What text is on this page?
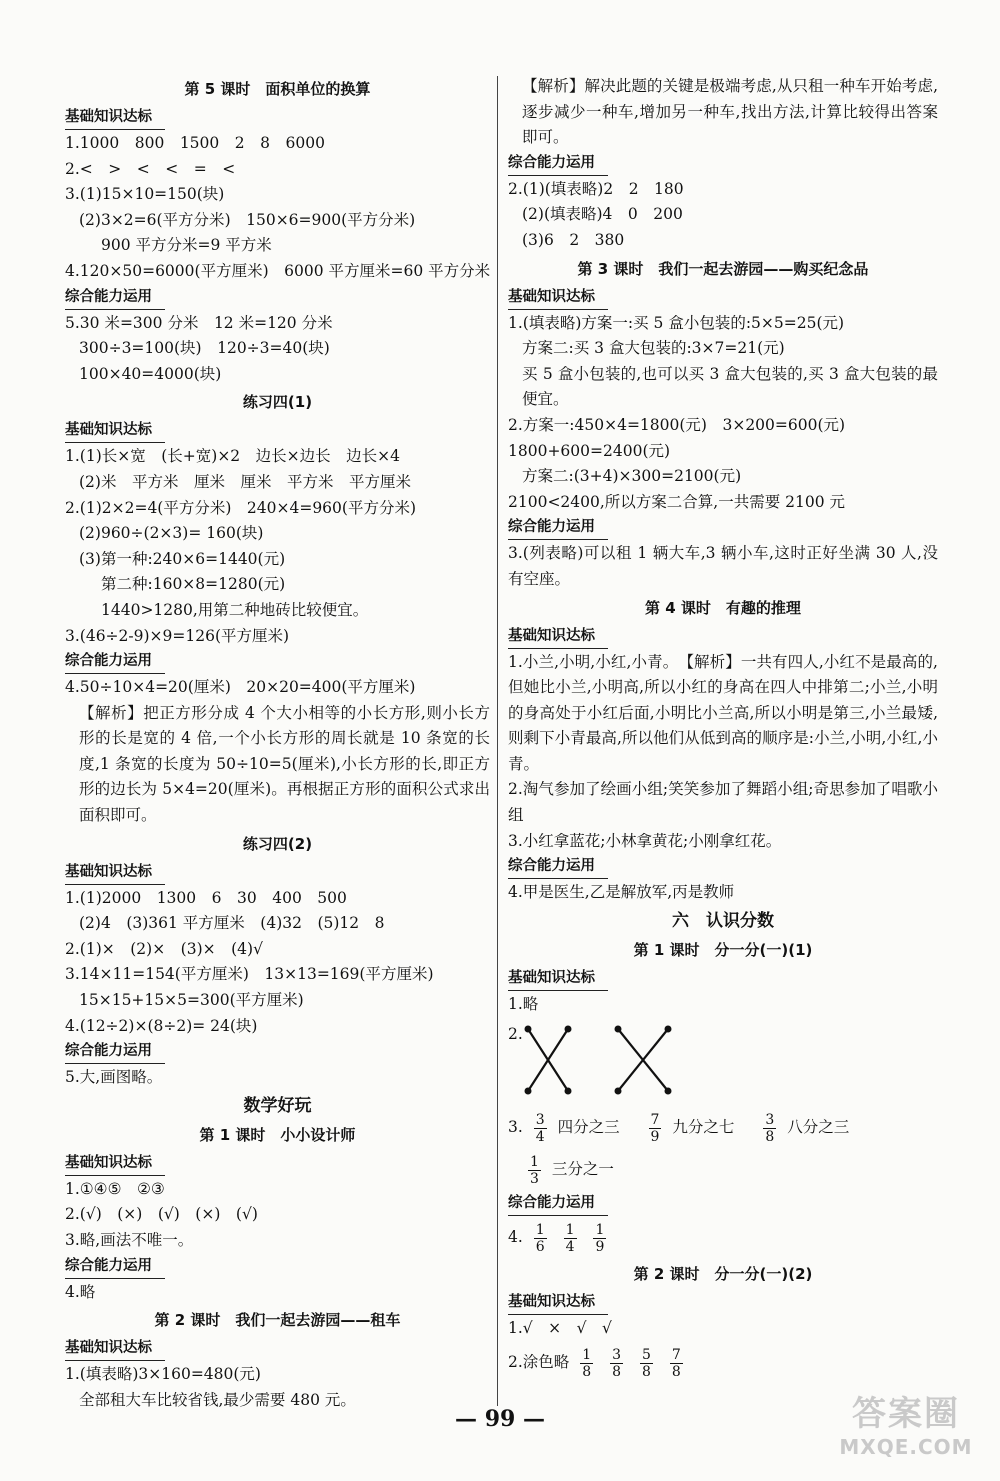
第 5 课时　面积单位的换算
基础知识达标
1.1000　800　1500　2　8　6000
2.<　>　<　<　=　<
3.(1)15×10=150(块)
(2)3×2=6(平方分米)　150×6=900(平方分米)
900 平方分米=9 平方米
4.120×50=6000(平方厘米)　6000 平方厘米=60 平方分米
综合能力运用
5.30 米=300 分米　12 米=120 分米
300÷3=100(块)　120÷3=40(块)
100×40=4000(块)
练习四(1)
基础知识达标
1.(1)长×宽　(长+宽)×2　边长×边长　边长×4
(2)米　平方米　厘米　厘米　平方米　平方厘米
2.(1)2×2=4(平方分米)　240×4=960(平方分米)
(2)960÷(2×3)= 160(块)
(3)第一种:240×6=1440(元)
第二种:160×8=1280(元)
1440>1280,用第二种地砖比较便宜。
3.(46÷2-9)×9=126(平方厘米)
综合能力运用
4.50÷10×4=20(厘米)　20×20=400(平方厘米)
【解析】把正方形分成 4 个大小相等的小长方形,则小长方形的长是宽的 4 倍,一个小长方形的周长就是 10 条宽的长度,1 条宽的长度为 50÷10=5(厘米),小长方形的长,即正方形的边长为 5×4=20(厘米)。再根据正方形的面积公式求出面积即可。
练习四(2)
基础知识达标
1.(1)2000　1300　6　30　400　500
(2)4　(3)361 平方厘米　(4)32　(5)12　8
2.(1)×　(2)×　(3)×　(4)√
3.14×11=154(平方厘米)　13×13=169(平方厘米)
15×15+15×5=300(平方厘米)
4.(12÷2)×(8÷2)= 24(块)
综合能力运用
5.大,画图略。
数学好玩
第 1 课时　小小设计师
基础知识达标
1.①④⑤　②③
2.(√)　(×)　(√)　(×)　(√)
3.略,画法不唯一。
综合能力运用
4.略
第 2 课时　我们一起去游园——租车
基础知识达标
1.(填表略)3×160=480(元)
全部租大车比较省钱,最少需要 480 元。
【解析】解决此题的关键是极端考虑,从只租一种车开始考虑,逐步减少一种车,增加另一种车,找出方法,计算比较得出答案即可。
综合能力运用
2.(1)(填表略)2　2　180
(2)(填表略)4　0　200
(3)6　2　380
第 3 课时　我们一起去游园——购买纪念品
基础知识达标
1.(填表略)方案一:买 5 盒小包装的:5×5=25(元)
方案二:买 3 盒大包装的:3×7=21(元)
买 5 盒小包装的,也可以买 3 盒大包装的,买 3 盒大包装的最便宜。
2.方案一:450×4=1800(元)　3×200=600(元)
1800+600=2400(元)
方案二:(3+4)×300=2100(元)
2100<2400,所以方案二合算,一共需要 2100 元
综合能力运用
3.(列表略)可以租 1 辆大车,3 辆小车,这时正好坐满 30 人,没有空座。
第 4 课时　有趣的推理
基础知识达标
1.小兰,小明,小红,小青。　【解析】一共有四人,小红不是最高的,但她比小兰,小明高,所以小红的身高在四人中排第二;小兰,小明的身高处于小红后面,小明比小兰高,所以小明是第三,小兰最矮,则剩下小青最高,所以他们从低到高的顺序是:小兰,小明,小红,小青。
2.淘气参加了绘画小组;笑笑参加了舞蹈小组;奇思参加了唱歌小组
3.小红拿蓝花;小林拿黄花;小刚拿红花。
综合能力运用
4.甲是医生,乙是解放军,丙是教师
六　认识分数
第 1 课时　分一分(一)(1)
基础知识达标
1.略
2.
3. $\frac{3}{4}$ 四分之三 $\frac{7}{9}$ 九分之七 $\frac{3}{8}$ 八分之三
$\frac{1}{3}$ 三分之一
综合能力运用
4. $\frac{1}{6}$
$\frac{1}{4}$
$\frac{1}{9}$
第 2 课时　分一分(一)(2)
基础知识达标
1.√　×　√　√
2.涂色略 $\frac{1}{8}$
$\frac{3}{8}$
$\frac{5}{8}$
$\frac{7}{8}$
— 99 —	答案圈
MXQE.COM
